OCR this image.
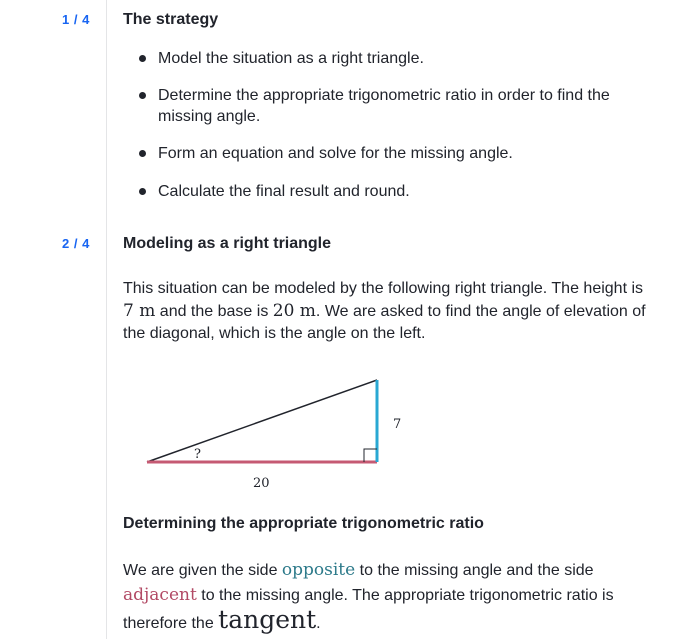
1 / 4 The strategy
Model the situation as a right triangle.
Determine the appropriate trigonometric ratio in order to find the missing angle.
Form an equation and solve for the missing angle.
Calculate the final result and round.
2 / 4 Modeling as a right triangle
This situation can be modeled by the following right triangle. The height is 7 m and the base is 20 m. We are asked to find the angle of elevation of the diagonal, which is the angle on the left.
?
20
7
Determining the appropriate trigonometric ratio
We are given the side opposite to the missing angle and the side adjacent to the missing angle. The appropriate trigonometric ratio is therefore the tangent.
